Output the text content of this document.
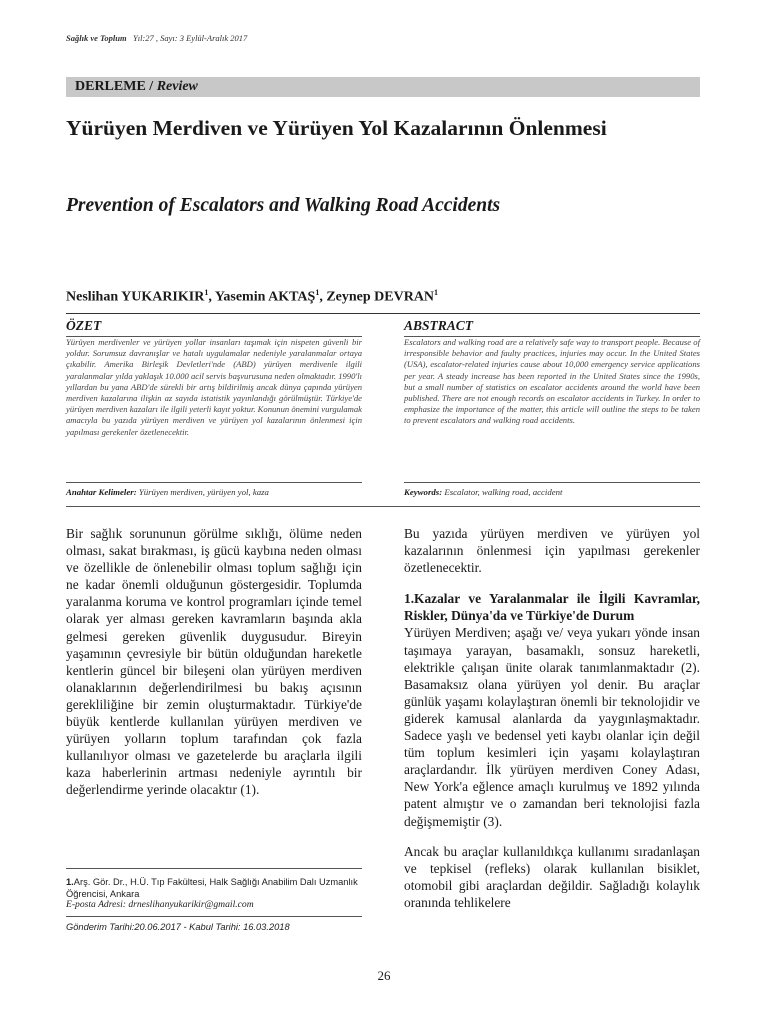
Sağlık ve Toplum Yıl:27 , Sayı: 3 Eylül-Aralık 2017
DERLEME / Review
Yürüyen Merdiven ve Yürüyen Yol Kazalarının Önlenmesi
Prevention of Escalators and Walking Road Accidents
Neslihan YUKARIKIR$^1$, Yasemin AKTAŞ$^1$, Zeynep DEVRAN$^1$
ÖZET
Yürüyen merdivenler ve yürüyen yollar insanları taşımak için nispeten güvenli bir yoldur. Sorumsuz davranışlar ve hatalı uygulamalar nedeniyle yaralanmalar ortaya çıkabilir. Amerika Birleşik Devletleri'nde (ABD) yürüyen merdivenle ilgili yaralanmalar yılda yaklaşık 10.000 acil servis başvurusuna neden olmaktadır. 1990'lı yıllardan bu yana ABD'de sürekli bir artış bildirilmiş ancak dünya çapında yürüyen merdiven kazalarına ilişkin az sayıda istatistik yayınlandığı görülmüştür. Türkiye'de yürüyen merdiven kazaları ile ilgili yeterli kayıt yoktur. Konunun önemini vurgulamak amacıyla bu yazıda yürüyen merdiven ve yürüyen yol kazalarının önlenmesi için yapılması gerekenler özetlenecektir.
ABSTRACT
Escalators and walking road are a relatively safe way to transport people. Because of irresponsible behavior and faulty practices, injuries may occur. In the United States (USA), escalator-related injuries cause about 10,000 emergency service applications per year. A steady increase has been reported in the United States since the 1990s, but a small number of statistics on escalator accidents around the world have been published. There are not enough records on escalator accidents in Turkey. In order to emphasize the importance of the matter, this article will outline the steps to be taken to prevent escalators and walking road accidents.
Anahtar Kelimeler: Yürüyen merdiven, yürüyen yol, kaza	Keywords: Escalator, walking road, accident

Bir sağlık sorununun görülme sıklığı, ölüme neden olması, sakat bırakması, iş gücü kaybına neden olması ve özellikle de önlenebilir olması toplum sağlığı için ne kadar önemli olduğunun göstergesidir. Toplumda yaralanma koruma ve kontrol programları içinde temel olarak yer alması gereken kavramların başında akla gelmesi gereken güvenlik duygusudur. Bireyin yaşamının çevresiyle bir bütün olduğundan hareketle kentlerin güncel bir bileşeni olan yürüyen merdiven olanaklarının değerlendirilmesi bu bakış açısının gerekliliğine bir zemin oluşturmaktadır. Türkiye'de büyük kentlerde kullanılan yürüyen merdiven ve yürüyen yolların toplum tarafından çok fazla kullanılıyor olması ve gazetelerde bu araçlarla ilgili kaza haberlerinin artması nedeniyle ayrıntılı bir değerlendirme yerinde olacaktır (1).

Bu yazıda yürüyen merdiven ve yürüyen yol kazalarının önlenmesi için yapılması gerekenler özetlenecektir.

1.Kazalar ve Yaralanmalar ile İlgili Kavramlar, Riskler, Dünya'da ve Türkiye'de Durum

Yürüyen Merdiven; aşağı ve/ veya yukarı yönde insan taşımaya yarayan, basamaklı, sonsuz hareketli, elektrikle çalışan ünite olarak tanımlanmaktadır (2). Basamaksız olana yürüyen yol denir. Bu araçlar günlük yaşamı kolaylaştıran önemli bir teknolojidir ve giderek kamusal alanlarda da yaygınlaşmaktadır. Sadece yaşlı ve bedensel yeti kaybı olanlar için değil tüm toplum kesimleri için yaşamı kolaylaştıran araçlardandır. İlk yürüyen merdiven Coney Adası, New York'a eğlence amaçlı kurulmuş ve 1892 yılında patent almıştır ve o zamandan beri teknolojisi fazla değişmemiştir (3).

Ancak bu araçlar kullanıldıkça kullanımı sıradanlaşan ve tepkisel (refleks) olarak kullanılan bisiklet, otomobil gibi araçlardan değildir. Sağladığı kolaylık oranında tehlikelere

1.Arş. Gör. Dr., H.Ü. Tıp Fakültesi, Halk Sağlığı Anabilim Dalı Uzmanlık Öğrencisi, Ankara
E-posta Adresi: drneslihanyukarikir@gmail.com
Gönderim Tarihi:20.06.2017 - Kabul Tarihi: 16.03.2018
26
